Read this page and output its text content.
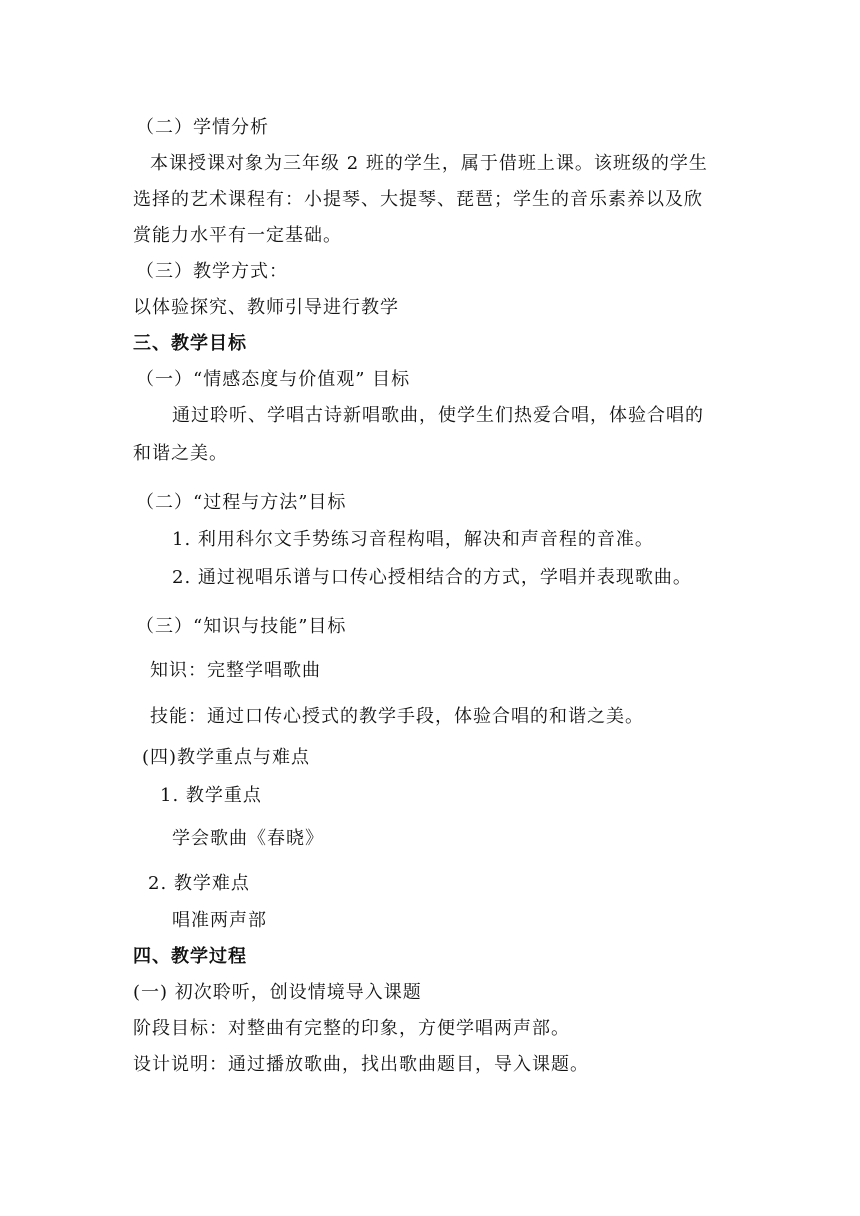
（二）学情分析
本课授课对象为三年级 2 班的学生，属于借班上课。该班级的学生
选择的艺术课程有：小提琴、大提琴、琵琶；学生的音乐素养以及欣
赏能力水平有一定基础。
（三）教学方式：
以体验探究、教师引导进行教学
三、教学目标
（一）“情感态度与价值观” 目标
通过聆听、学唱古诗新唱歌曲，使学生们热爱合唱，体验合唱的
和谐之美。
（二）“过程与方法”目标
1. 利用科尔文手势练习音程构唱，解决和声音程的音准。
2. 通过视唱乐谱与口传心授相结合的方式，学唱并表现歌曲。
（三）“知识与技能”目标
知识：完整学唱歌曲
技能：通过口传心授式的教学手段，体验合唱的和谐之美。
(四)教学重点与难点
1. 教学重点
学会歌曲《春晓》
2. 教学难点
唱准两声部
四、教学过程
(一) 初次聆听，创设情境导入课题
阶段目标：对整曲有完整的印象，方便学唱两声部。
设计说明：通过播放歌曲，找出歌曲题目，导入课题。
